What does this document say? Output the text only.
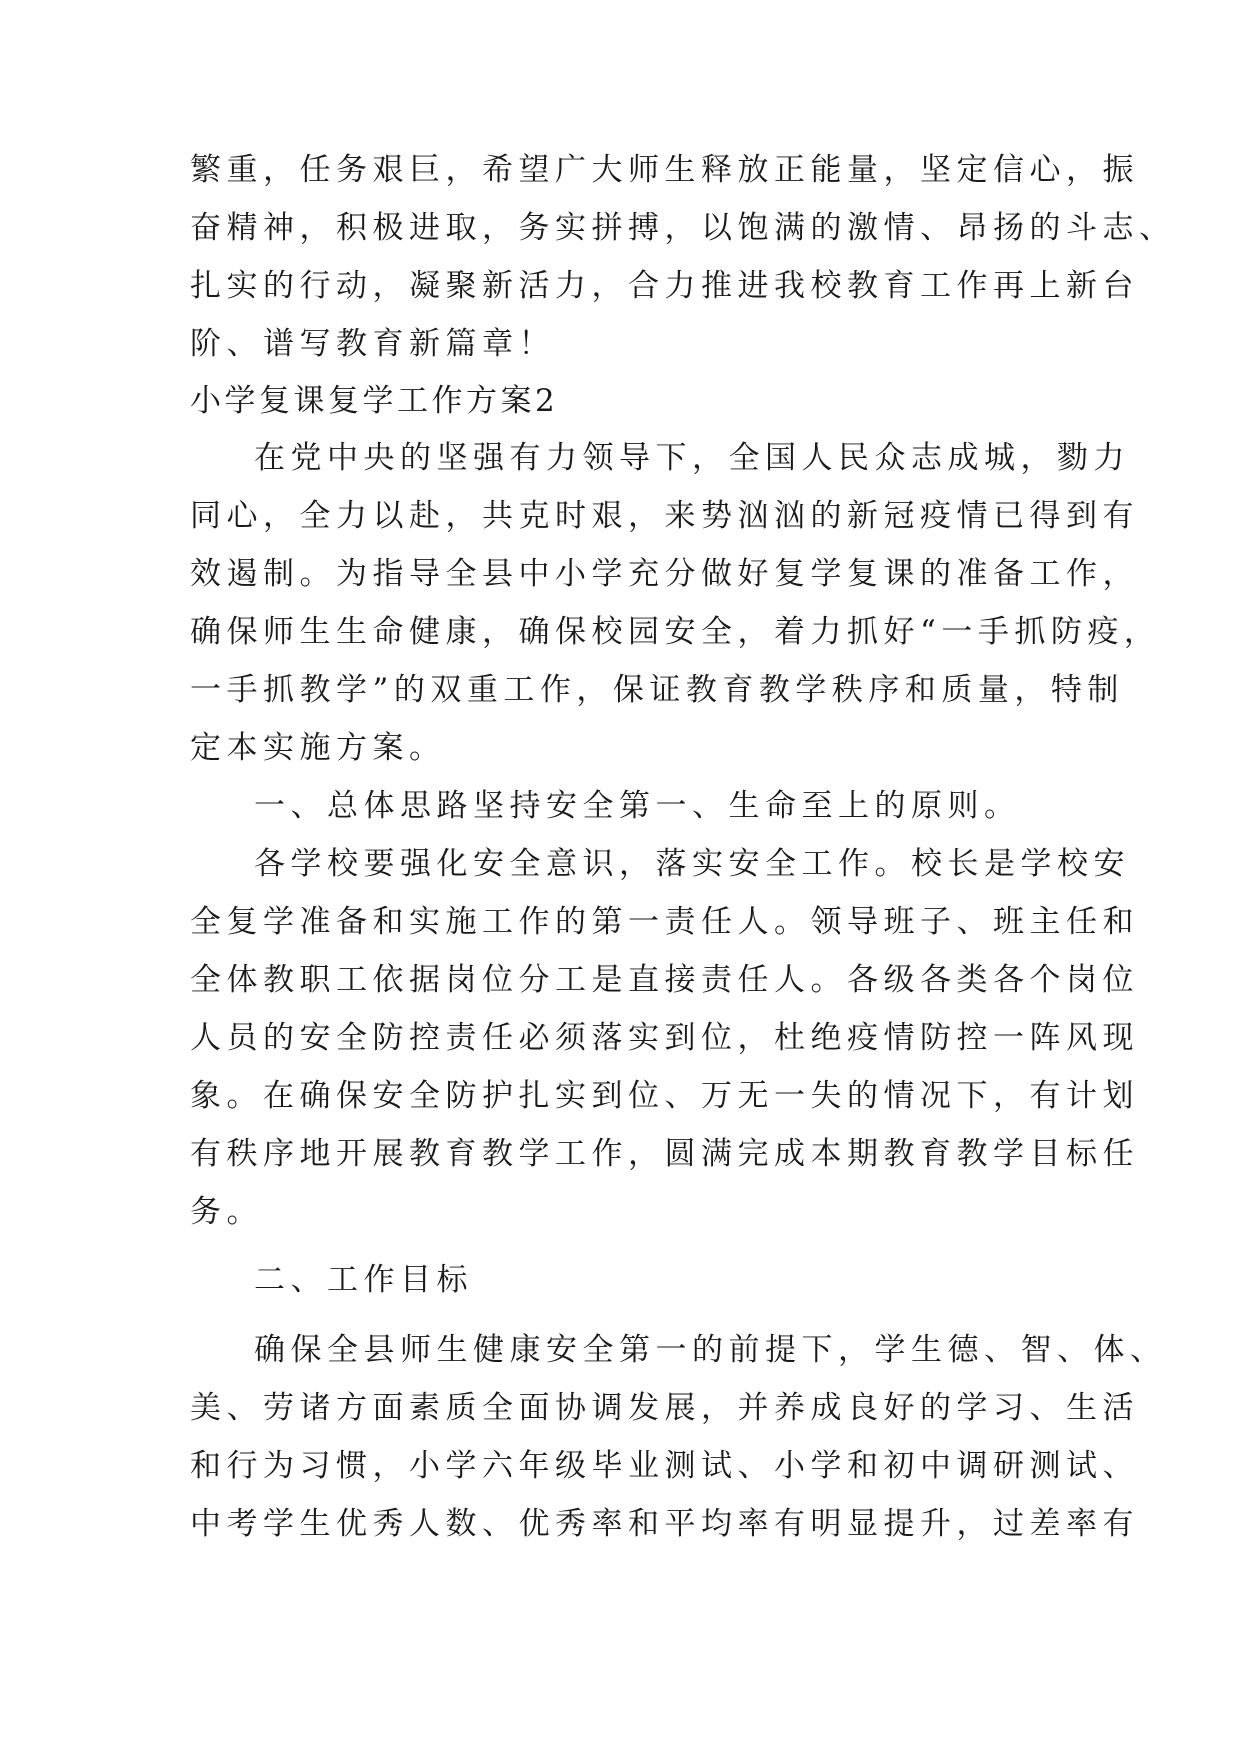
繁重，任务艰巨，希望广大师生释放正能量，坚定信心，振
奋精神，积极进取，务实拼搏，以饱满的激情、昂扬的斗志、
扎实的行动，凝聚新活力，合力推进我校教育工作再上新台
阶、谱写教育新篇章！
小学复课复学工作方案2
在党中央的坚强有力领导下，全国人民众志成城，勠力
同心，全力以赴，共克时艰，来势汹汹的新冠疫情已得到有
效遏制。为指导全县中小学充分做好复学复课的准备工作，
确保师生生命健康，确保校园安全，着力抓好“一手抓防疫，
一手抓教学”的双重工作，保证教育教学秩序和质量，特制
定本实施方案。
一、总体思路坚持安全第一、生命至上的原则。
各学校要强化安全意识，落实安全工作。校长是学校安
全复学准备和实施工作的第一责任人。领导班子、班主任和
全体教职工依据岗位分工是直接责任人。各级各类各个岗位
人员的安全防控责任必须落实到位，杜绝疫情防控一阵风现
象。在确保安全防护扎实到位、万无一失的情况下，有计划
有秩序地开展教育教学工作，圆满完成本期教育教学目标任
务。
二、工作目标
确保全县师生健康安全第一的前提下，学生德、智、体、
美、劳诸方面素质全面协调发展，并养成良好的学习、生活
和行为习惯，小学六年级毕业测试、小学和初中调研测试、
中考学生优秀人数、优秀率和平均率有明显提升，过差率有
